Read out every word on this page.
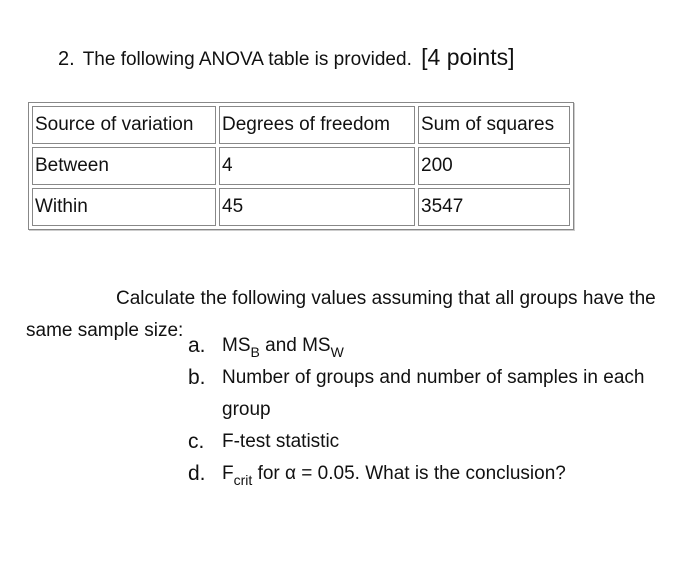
2. The following ANOVA table is provided. [4 points]
Source of variation	Degrees of freedom	Sum of squares
Between	4	200
Within	45	3547

Calculate the following values assuming that all groups have the same sample size:

a. $MS_B$ and $MS_W$
b. Number of groups and number of samples in each group
c. F-test statistic
d. $F_{crit}$ for α = 0.05. What is the conclusion?
